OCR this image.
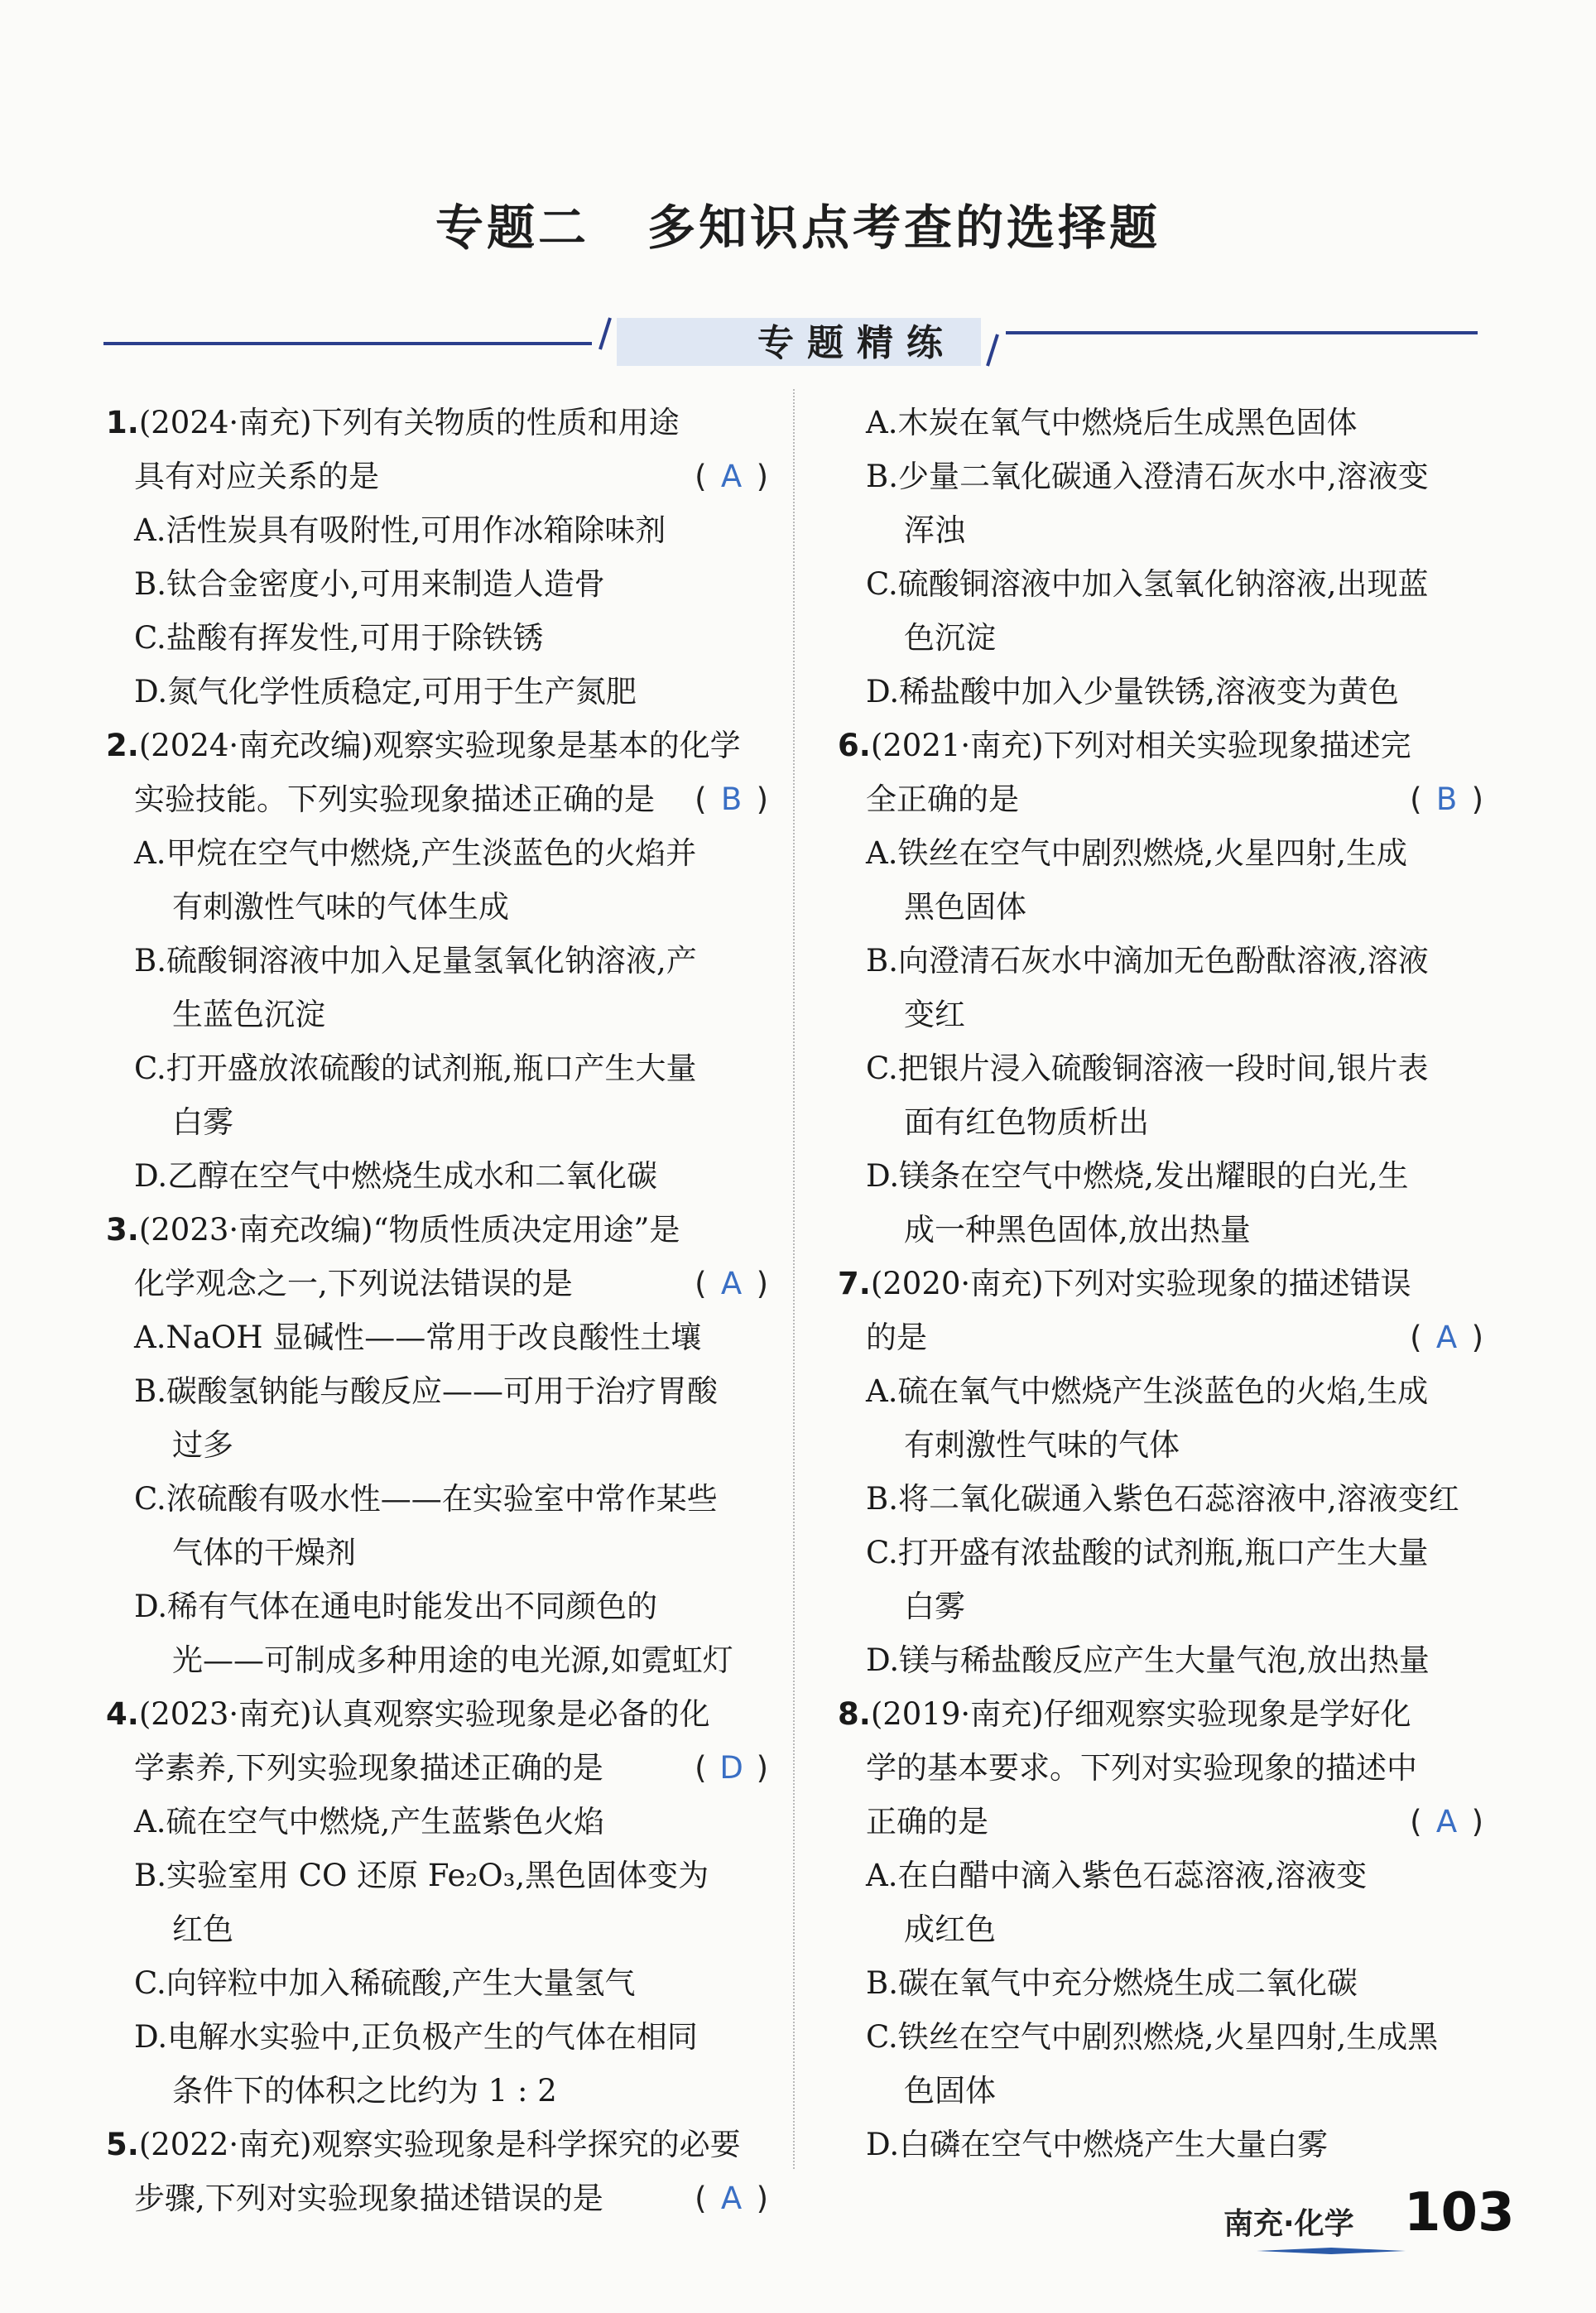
专题二 多知识点考查的选择题
专题精练
1.(2024·南充)下列有关物质的性质和用途
具有对应关系的是	( A )
A.活性炭具有吸附性,可用作冰箱除味剂
B.钛合金密度小,可用来制造人造骨
C.盐酸有挥发性,可用于除铁锈
D.氮气化学性质稳定,可用于生产氮肥
2.(2024·南充改编)观察实验现象是基本的化学
实验技能。下列实验现象描述正确的是 ( B )
A.甲烷在空气中燃烧,产生淡蓝色的火焰并
有刺激性气味的气体生成
B.硫酸铜溶液中加入足量氢氧化钠溶液,产
生蓝色沉淀
C.打开盛放浓硫酸的试剂瓶,瓶口产生大量
白雾
D.乙醇在空气中燃烧生成水和二氧化碳
3.(2023·南充改编)“物质性质决定用途”是
化学观念之一,下列说法错误的是	( A )
A.NaOH 显碱性——常用于改良酸性土壤
B.碳酸氢钠能与酸反应——可用于治疗胃酸
过多
C.浓硫酸有吸水性——在实验室中常作某些
气体的干燥剂
D.稀有气体在通电时能发出不同颜色的
光——可制成多种用途的电光源,如霓虹灯
4.(2023·南充)认真观察实验现象是必备的化
学素养,下列实验现象描述正确的是	( D )
A.硫在空气中燃烧,产生蓝紫色火焰
B.实验室用 CO 还原 Fe₂O₃,黑色固体变为
红色
C.向锌粒中加入稀硫酸,产生大量氢气
D.电解水实验中,正负极产生的气体在相同
条件下的体积之比约为 1 : 2
5.(2022·南充)观察实验现象是科学探究的必要
步骤,下列对实验现象描述错误的是	( A )
A.木炭在氧气中燃烧后生成黑色固体
B.少量二氧化碳通入澄清石灰水中,溶液变
浑浊
C.硫酸铜溶液中加入氢氧化钠溶液,出现蓝
色沉淀
D.稀盐酸中加入少量铁锈,溶液变为黄色
6.(2021·南充)下列对相关实验现象描述完
全正确的是	( B )
A.铁丝在空气中剧烈燃烧,火星四射,生成
黑色固体
B.向澄清石灰水中滴加无色酚酞溶液,溶液
变红
C.把银片浸入硫酸铜溶液一段时间,银片表
面有红色物质析出
D.镁条在空气中燃烧,发出耀眼的白光,生
成一种黑色固体,放出热量
7.(2020·南充)下列对实验现象的描述错误
的是	( A )
A.硫在氧气中燃烧产生淡蓝色的火焰,生成
有刺激性气味的气体
B.将二氧化碳通入紫色石蕊溶液中,溶液变红
C.打开盛有浓盐酸的试剂瓶,瓶口产生大量
白雾
D.镁与稀盐酸反应产生大量气泡,放出热量
8.(2019·南充)仔细观察实验现象是学好化
学的基本要求。下列对实验现象的描述中
正确的是	( A )
A.在白醋中滴入紫色石蕊溶液,溶液变
成红色
B.碳在氧气中充分燃烧生成二氧化碳
C.铁丝在空气中剧烈燃烧,火星四射,生成黑
色固体
D.白磷在空气中燃烧产生大量白雾
南充·化学 103
